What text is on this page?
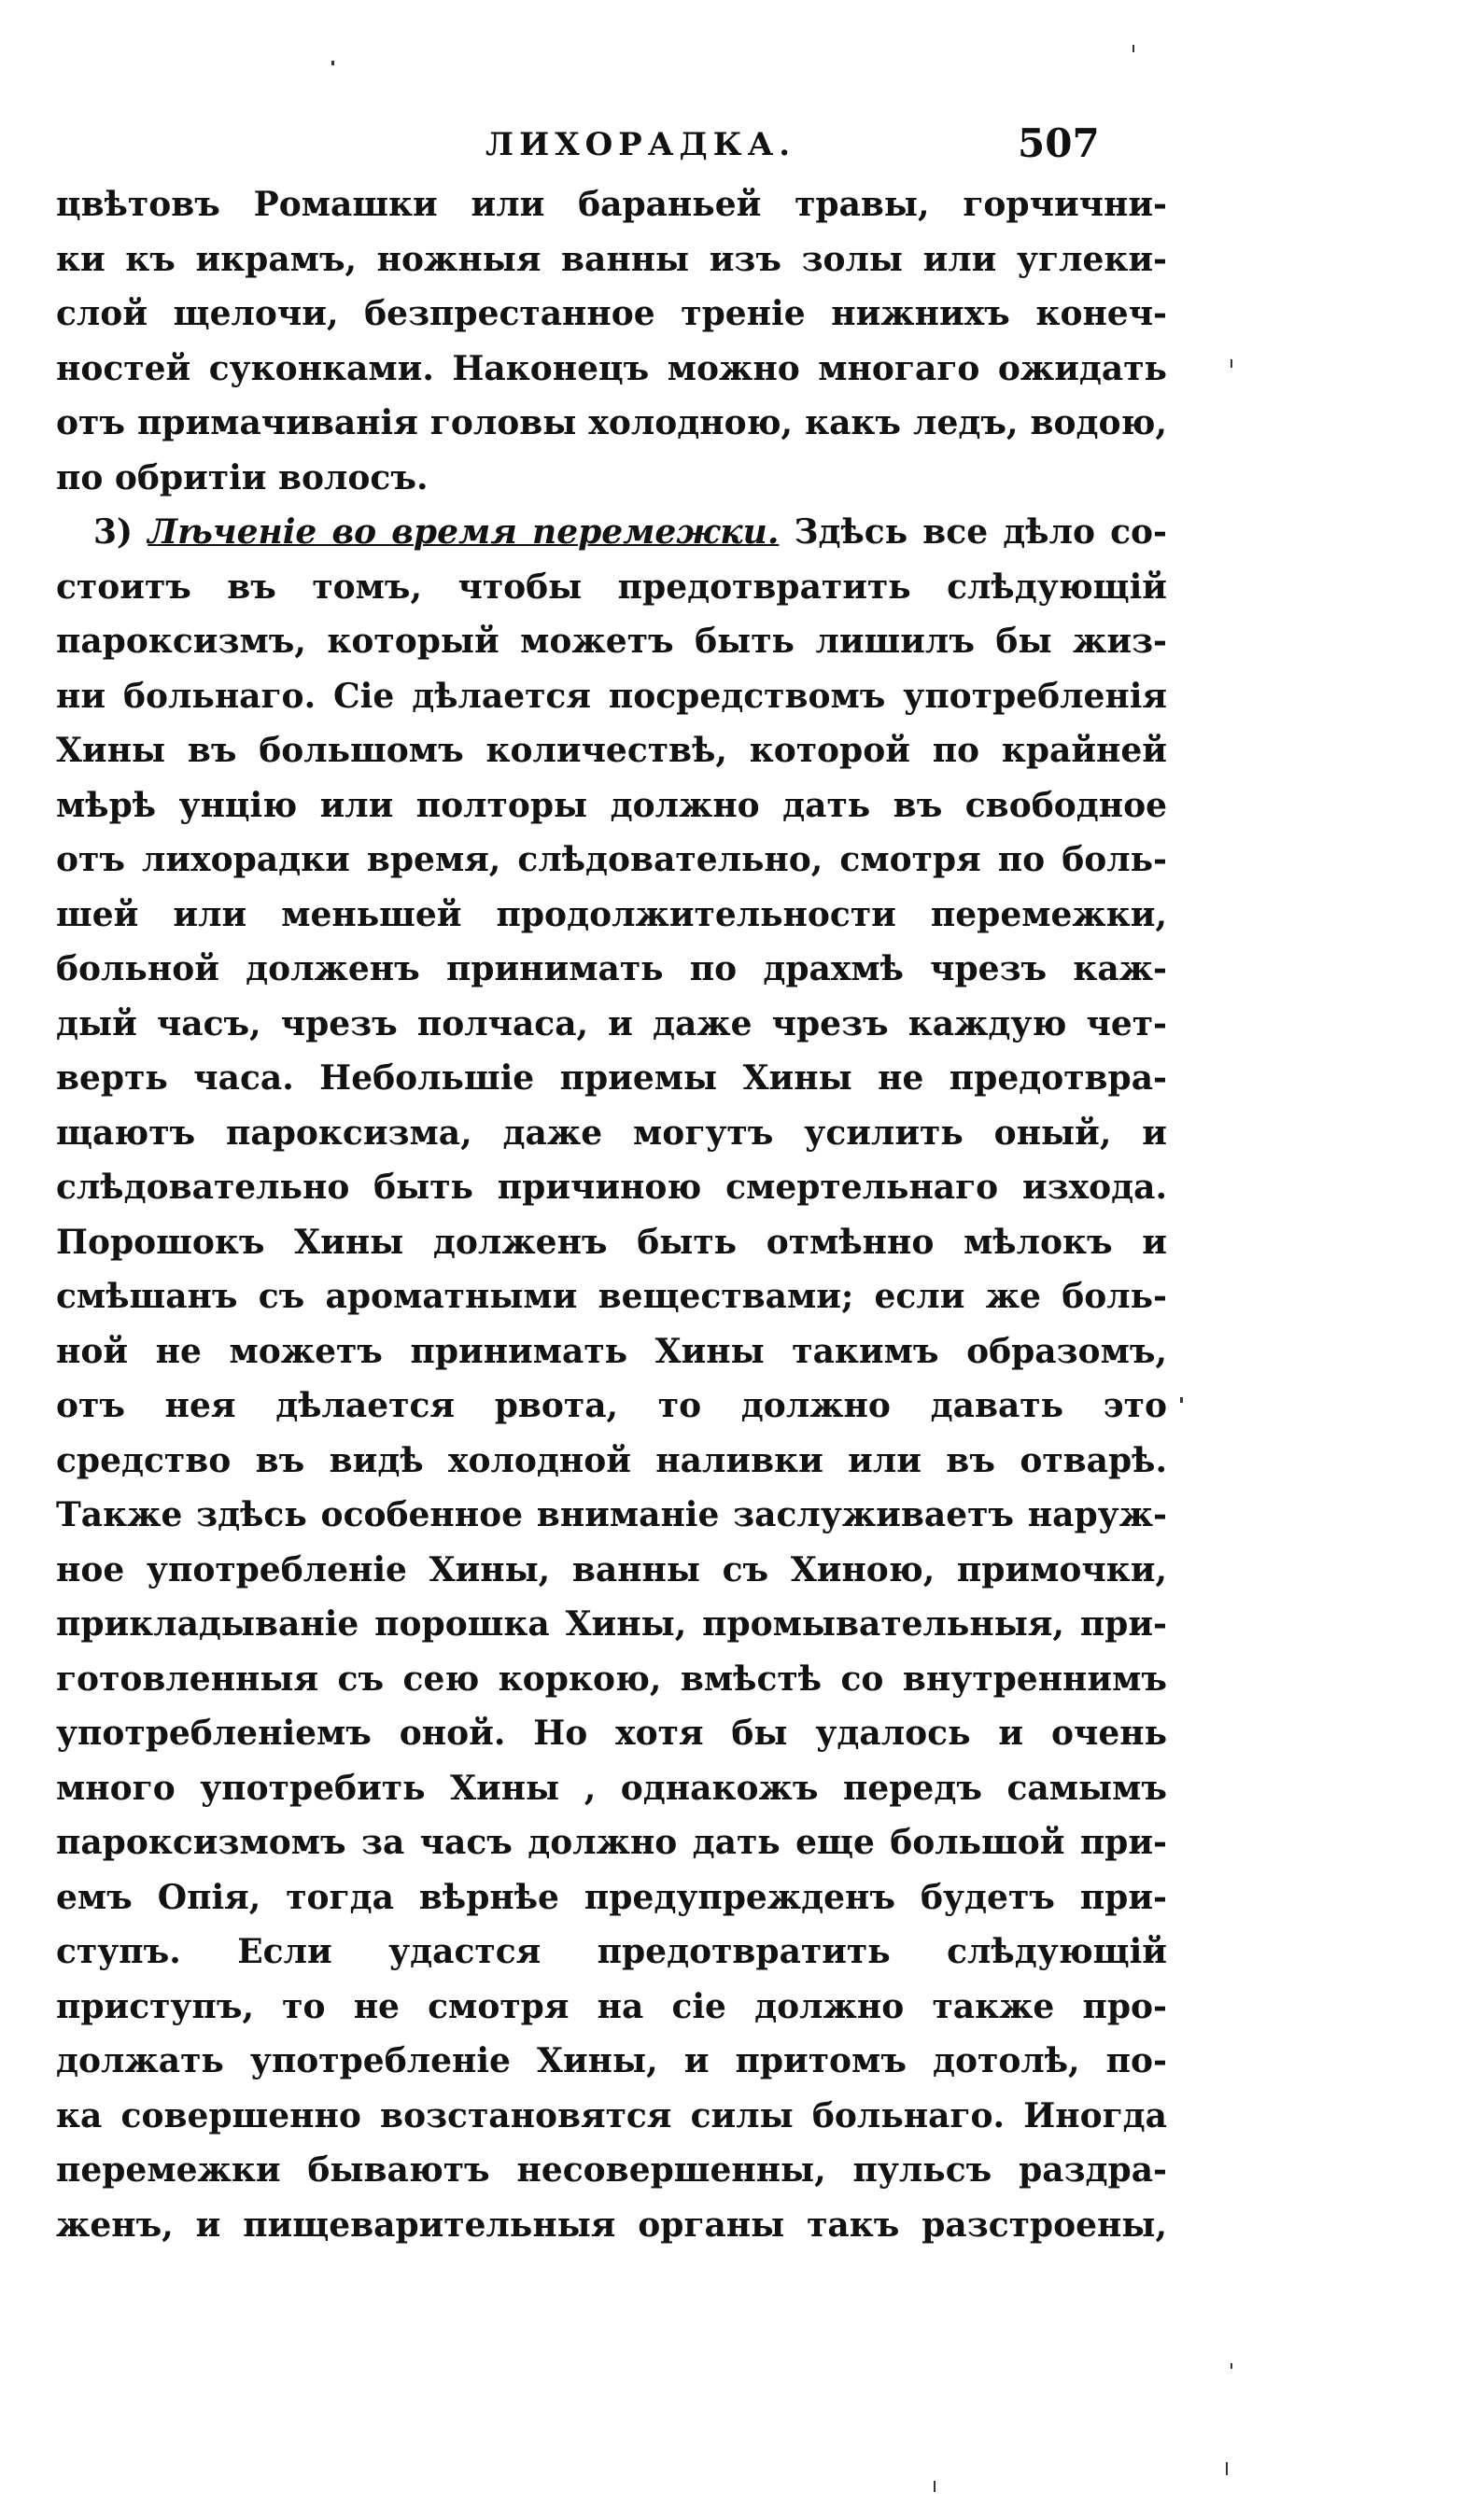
ЛИХОРАДКА.	507
цвѣтовъ Ромашки или бараньей травы, горчични-
ки къ икрамъ, ножныя ванны изъ золы или углеки-
слой щелочи, безпрестанное треніе нижнихъ конеч-
ностей суконками. Наконецъ можно многаго ожидать
отъ примачиванія головы холодною, какъ ледъ, водою,
по обритіи волосъ.
3) Лѣченіе во время перемежки. Здѣсь все дѣло со-
стоитъ въ томъ, чтобы предотвратить слѣдующій
пароксизмъ, который можетъ быть лишилъ бы жиз-
ни больнаго. Сіе дѣлается посредствомъ употребленія
Хины въ большомъ количествѣ, которой по крайней
мѣрѣ унцію или полторы должно дать въ свободное
отъ лихорадки время, слѣдовательно, смотря по боль-
шей или меньшей продолжительности перемежки,
больной долженъ принимать по драхмѣ чрезъ каж-
дый часъ, чрезъ полчаса, и даже чрезъ каждую чет-
верть часа. Небольшіе приемы Хины не предотвра-
щаютъ пароксизма, даже могутъ усилить оный, и
слѣдовательно быть причиною смертельнаго изхода.
Порошокъ Хины долженъ быть отмѣнно мѣлокъ и
смѣшанъ съ ароматными веществами; если же боль-
ной не можетъ принимать Хины такимъ образомъ,
отъ нея дѣлается рвота, то должно давать это
средство въ видѣ холодной наливки или въ отварѣ.
Также здѣсь особенное вниманіе заслуживаетъ наруж-
ное употребленіе Хины, ванны съ Хиною, примочки,
прикладываніе порошка Хины, промывательныя, при-
готовленныя съ сею коркою, вмѣстѣ со внутреннимъ
употребленіемъ оной. Но хотя бы удалось и очень
много употребить Хины , однакожъ передъ самымъ
пароксизмомъ за часъ должно дать еще большой при-
емъ Опія, тогда вѣрнѣе предупрежденъ будетъ при-
ступъ. Если удастся предотвратить слѣдующій
приступъ, то не смотря на сіе должно также про-
должать употребленіе Хины, и притомъ дотолѣ, по-
ка совершенно возстановятся силы больнаго. Иногда
перемежки бываютъ несовершенны, пульсъ раздра-
женъ, и пищеварительныя органы такъ разстроены,
